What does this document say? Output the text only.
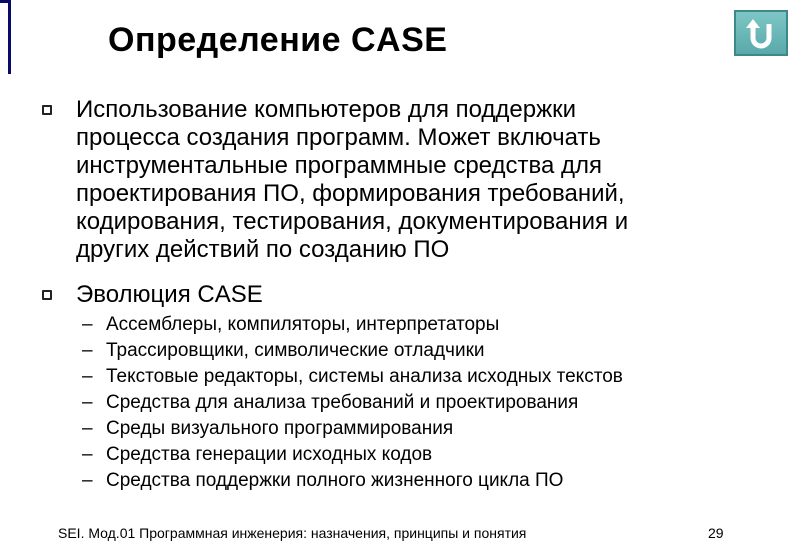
Определение CASE
Использование компьютеров для поддержки
процесса создания программ. Может включать
инструментальные программные средства для
проектирования ПО, формирования требований,
кодирования, тестирования, документирования и
других действий по созданию ПО
Эволюция CASE
– Ассемблеры, компиляторы, интерпретаторы
– Трассировщики, символические отладчики
– Текстовые редакторы, системы анализа исходных текстов
– Средства для анализа требований и проектирования
– Среды визуального программирования
– Средства генерации исходных кодов
– Средства поддержки полного жизненного цикла ПО
SEI. Мод.01 Программная инженерия: назначения, принципы и понятия	29
